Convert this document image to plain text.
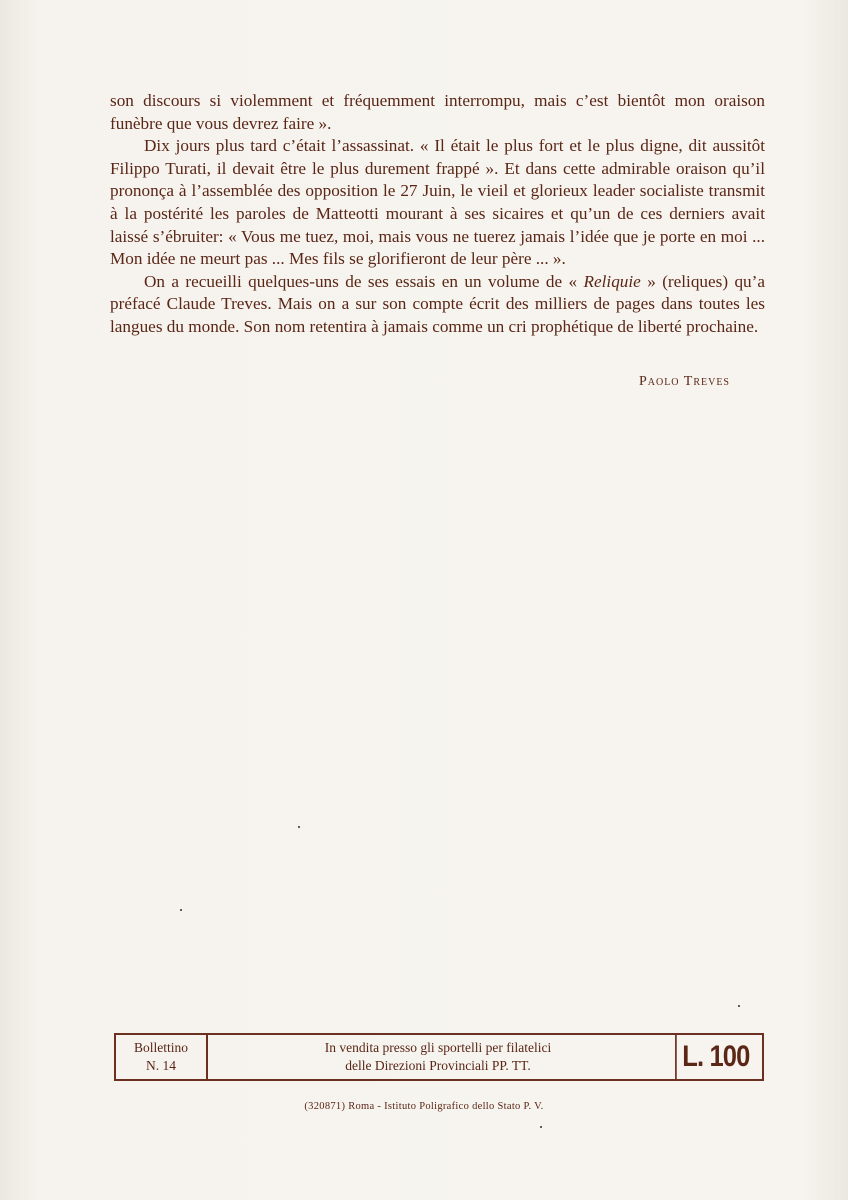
son discours si violemment et fréquemment interrompu, mais c’est bientôt mon oraison funèbre que vous devrez faire ».

Dix jours plus tard c’était l’assassinat. « Il était le plus fort et le plus digne, dit aussitôt Filippo Turati, il devait être le plus durement frappé ». Et dans cette admirable oraison qu’il prononça à l’assemblée des opposition le 27 Juin, le vieil et glorieux leader socialiste transmit à la postérité les paroles de Matteotti mourant à ses sicaires et qu’un de ces derniers avait laissé s’ébruiter: « Vous me tuez, moi, mais vous ne tuerez jamais l’idée que je porte en moi ... Mon idée ne meurt pas ... Mes fils se glorifieront de leur père ... ».

On a recueilli quelques-uns de ses essais en un volume de « Reliquie » (reliques) qu’a préfacé Claude Treves. Mais on a sur son compte écrit des milliers de pages dans toutes les langues du monde. Son nom retentira à jamais comme un cri prophétique de liberté prochaine.

Paolo Treves
Bollettino
N. 14
In vendita presso gli sportelli per filatelici
delle Direzioni Provinciali PP. TT.	L. 100
(320871) Roma - Istituto Poligrafico dello Stato P. V.
